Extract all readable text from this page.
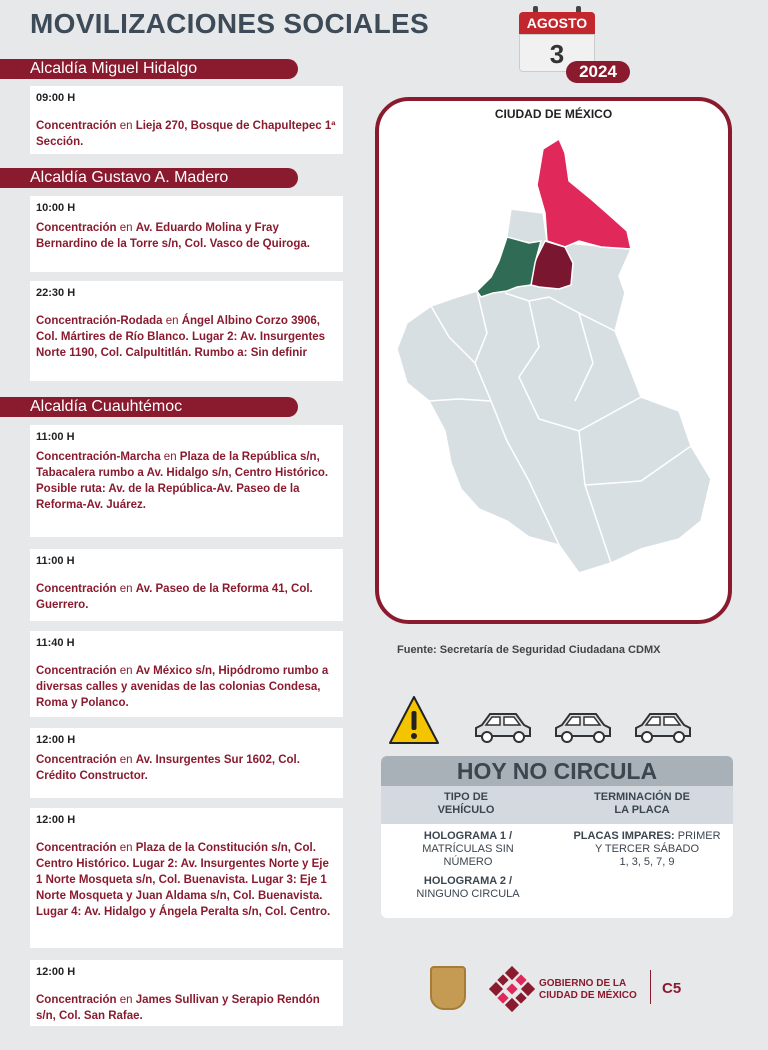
MOVILIZACIONES SOCIALES	AGOSTO
3
2024
Alcaldía Miguel Hidalgo
09:00 H
Concentración en Lieja 270, Bosque de Chapultepec 1ª Sección.
Alcaldía Gustavo A. Madero
10:00 H
Concentración en Av. Eduardo Molina y Fray Bernardino de la Torre s/n, Col. Vasco de Quiroga.
22:30 H
Concentración-Rodada en Ángel Albino Corzo 3906, Col. Mártires de Río Blanco. Lugar 2: Av. Insurgentes Norte 1190, Col. Calpultitlán. Rumbo a: Sin definir
Alcaldía Cuauhtémoc
11:00 H
Concentración-Marcha en Plaza de la República s/n, Tabacalera rumbo a Av. Hidalgo s/n, Centro Histórico. Posible ruta: Av. de la República-Av. Paseo de la Reforma-Av. Juárez.
11:00 H
Concentración en Av. Paseo de la Reforma 41, Col. Guerrero.
11:40 H
Concentración en Av México s/n, Hipódromo rumbo a diversas calles y avenidas de las colonias Condesa, Roma y Polanco.
12:00 H
Concentración en Av. Insurgentes Sur 1602, Col. Crédito Constructor.
12:00 H
Concentración en Plaza de la Constitución s/n, Col. Centro Histórico. Lugar 2: Av. Insurgentes Norte y Eje 1 Norte Mosqueta s/n, Col. Buenavista. Lugar 3: Eje 1 Norte Mosqueta y Juan Aldama s/n, Col. Buenavista. Lugar 4: Av. Hidalgo y Ángela Peralta s/n, Col. Centro.
12:00 H
Concentración en James Sullivan y Serapio Rendón s/n, Col. San Rafae.
CIUDAD DE MÉXICO
Fuente: Secretaría de Seguridad Ciudadana CDMX
HOY NO CIRCULA
TIPO DE
VEHÍCULO
TERMINACIÓN DE
LA PLACA
HOLOGRAMA 1 /
MATRÍCULAS SIN
NÚMERO
HOLOGRAMA 2 /
NINGUNO CIRCULA
PLACAS IMPARES: PRIMER
Y TERCER SÁBADO
1, 3, 5, 7, 9
GOBIERNO DE LA
CIUDAD DE MÉXICO C5
